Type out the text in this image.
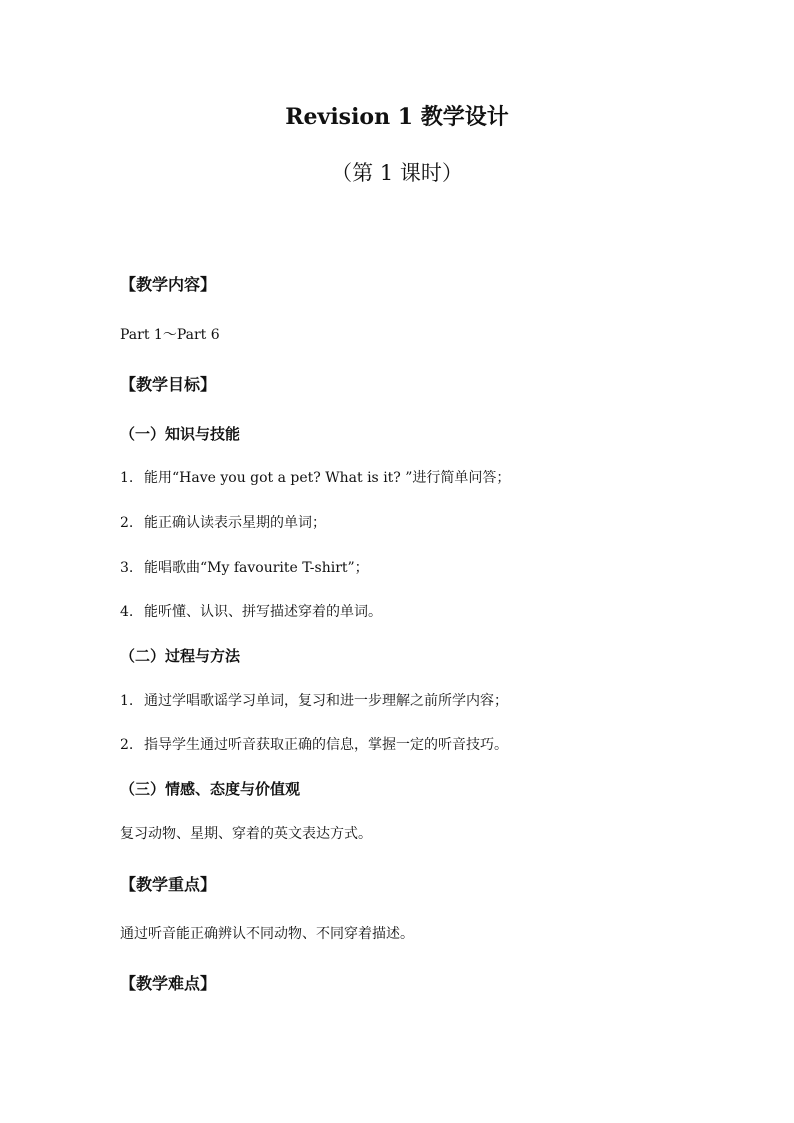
Revision 1 教学设计
（第 1 课时）
【教学内容】
Part 1～Part 6
【教学目标】
（一）知识与技能
1. 能用“Have you got a pet? What is it? ”进行简单问答；
2. 能正确认读表示星期的单词；
3. 能唱歌曲“My favourite T-shirt”；
4. 能听懂、认识、拼写描述穿着的单词。
（二）过程与方法
1. 通过学唱歌谣学习单词，复习和进一步理解之前所学内容；
2. 指导学生通过听音获取正确的信息，掌握一定的听音技巧。
（三）情感、态度与价值观
复习动物、星期、穿着的英文表达方式。
【教学重点】
通过听音能正确辨认不同动物、不同穿着描述。
【教学难点】
